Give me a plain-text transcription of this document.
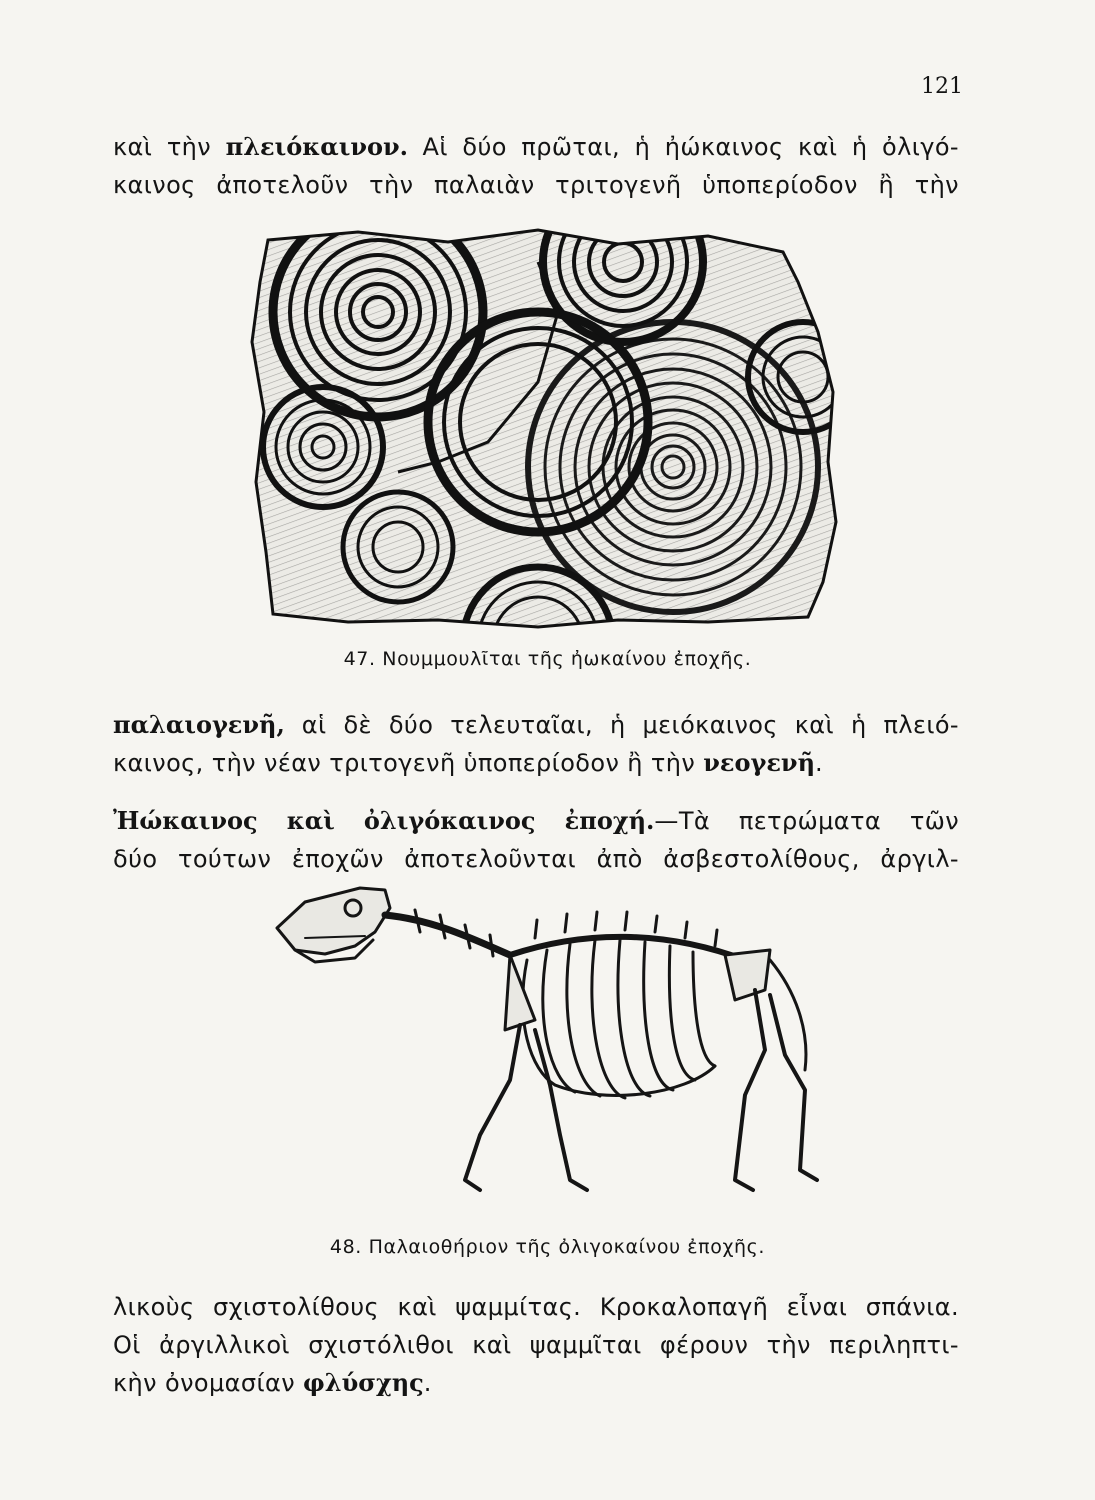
121
καὶ τὴν πλειόκαινον. Αἱ δύο πρῶται, ἡ ἠώκαινος καὶ ἡ ὀλιγό-
καινος ἀποτελοῦν τὴν παλαιὰν τριτογενῆ ὑποπερίοδον ἢ τὴν
47. Νουμμουλῖται τῆς ἠωκαίνου ἐποχῆς.
παλαιογενῆ, αἱ δὲ δύο τελευταῖαι, ἡ μειόκαινος καὶ ἡ πλειό-
καινος, τὴν νέαν τριτογενῆ ὑποπερίοδον ἢ τὴν νεογενῆ.
Ἠώκαινος καὶ ὀλιγόκαινος ἐποχή.—Τὰ πετρώματα τῶν
δύο τούτων ἐποχῶν ἀποτελοῦνται ἀπὸ ἀσβεστολίθους, ἀργιλ-
48. Παλαιοθήριον τῆς ὀλιγοκαίνου ἐποχῆς.
λικοὺς σχιστολίθους καὶ ψαμμίτας. Κροκαλοπαγῆ εἶναι σπάνια.
Οἱ ἀργιλλικοὶ σχιστόλιθοι καὶ ψαμμῖται φέρουν τὴν περιληπτι-
κὴν ὀνομασίαν φλύσχης.
